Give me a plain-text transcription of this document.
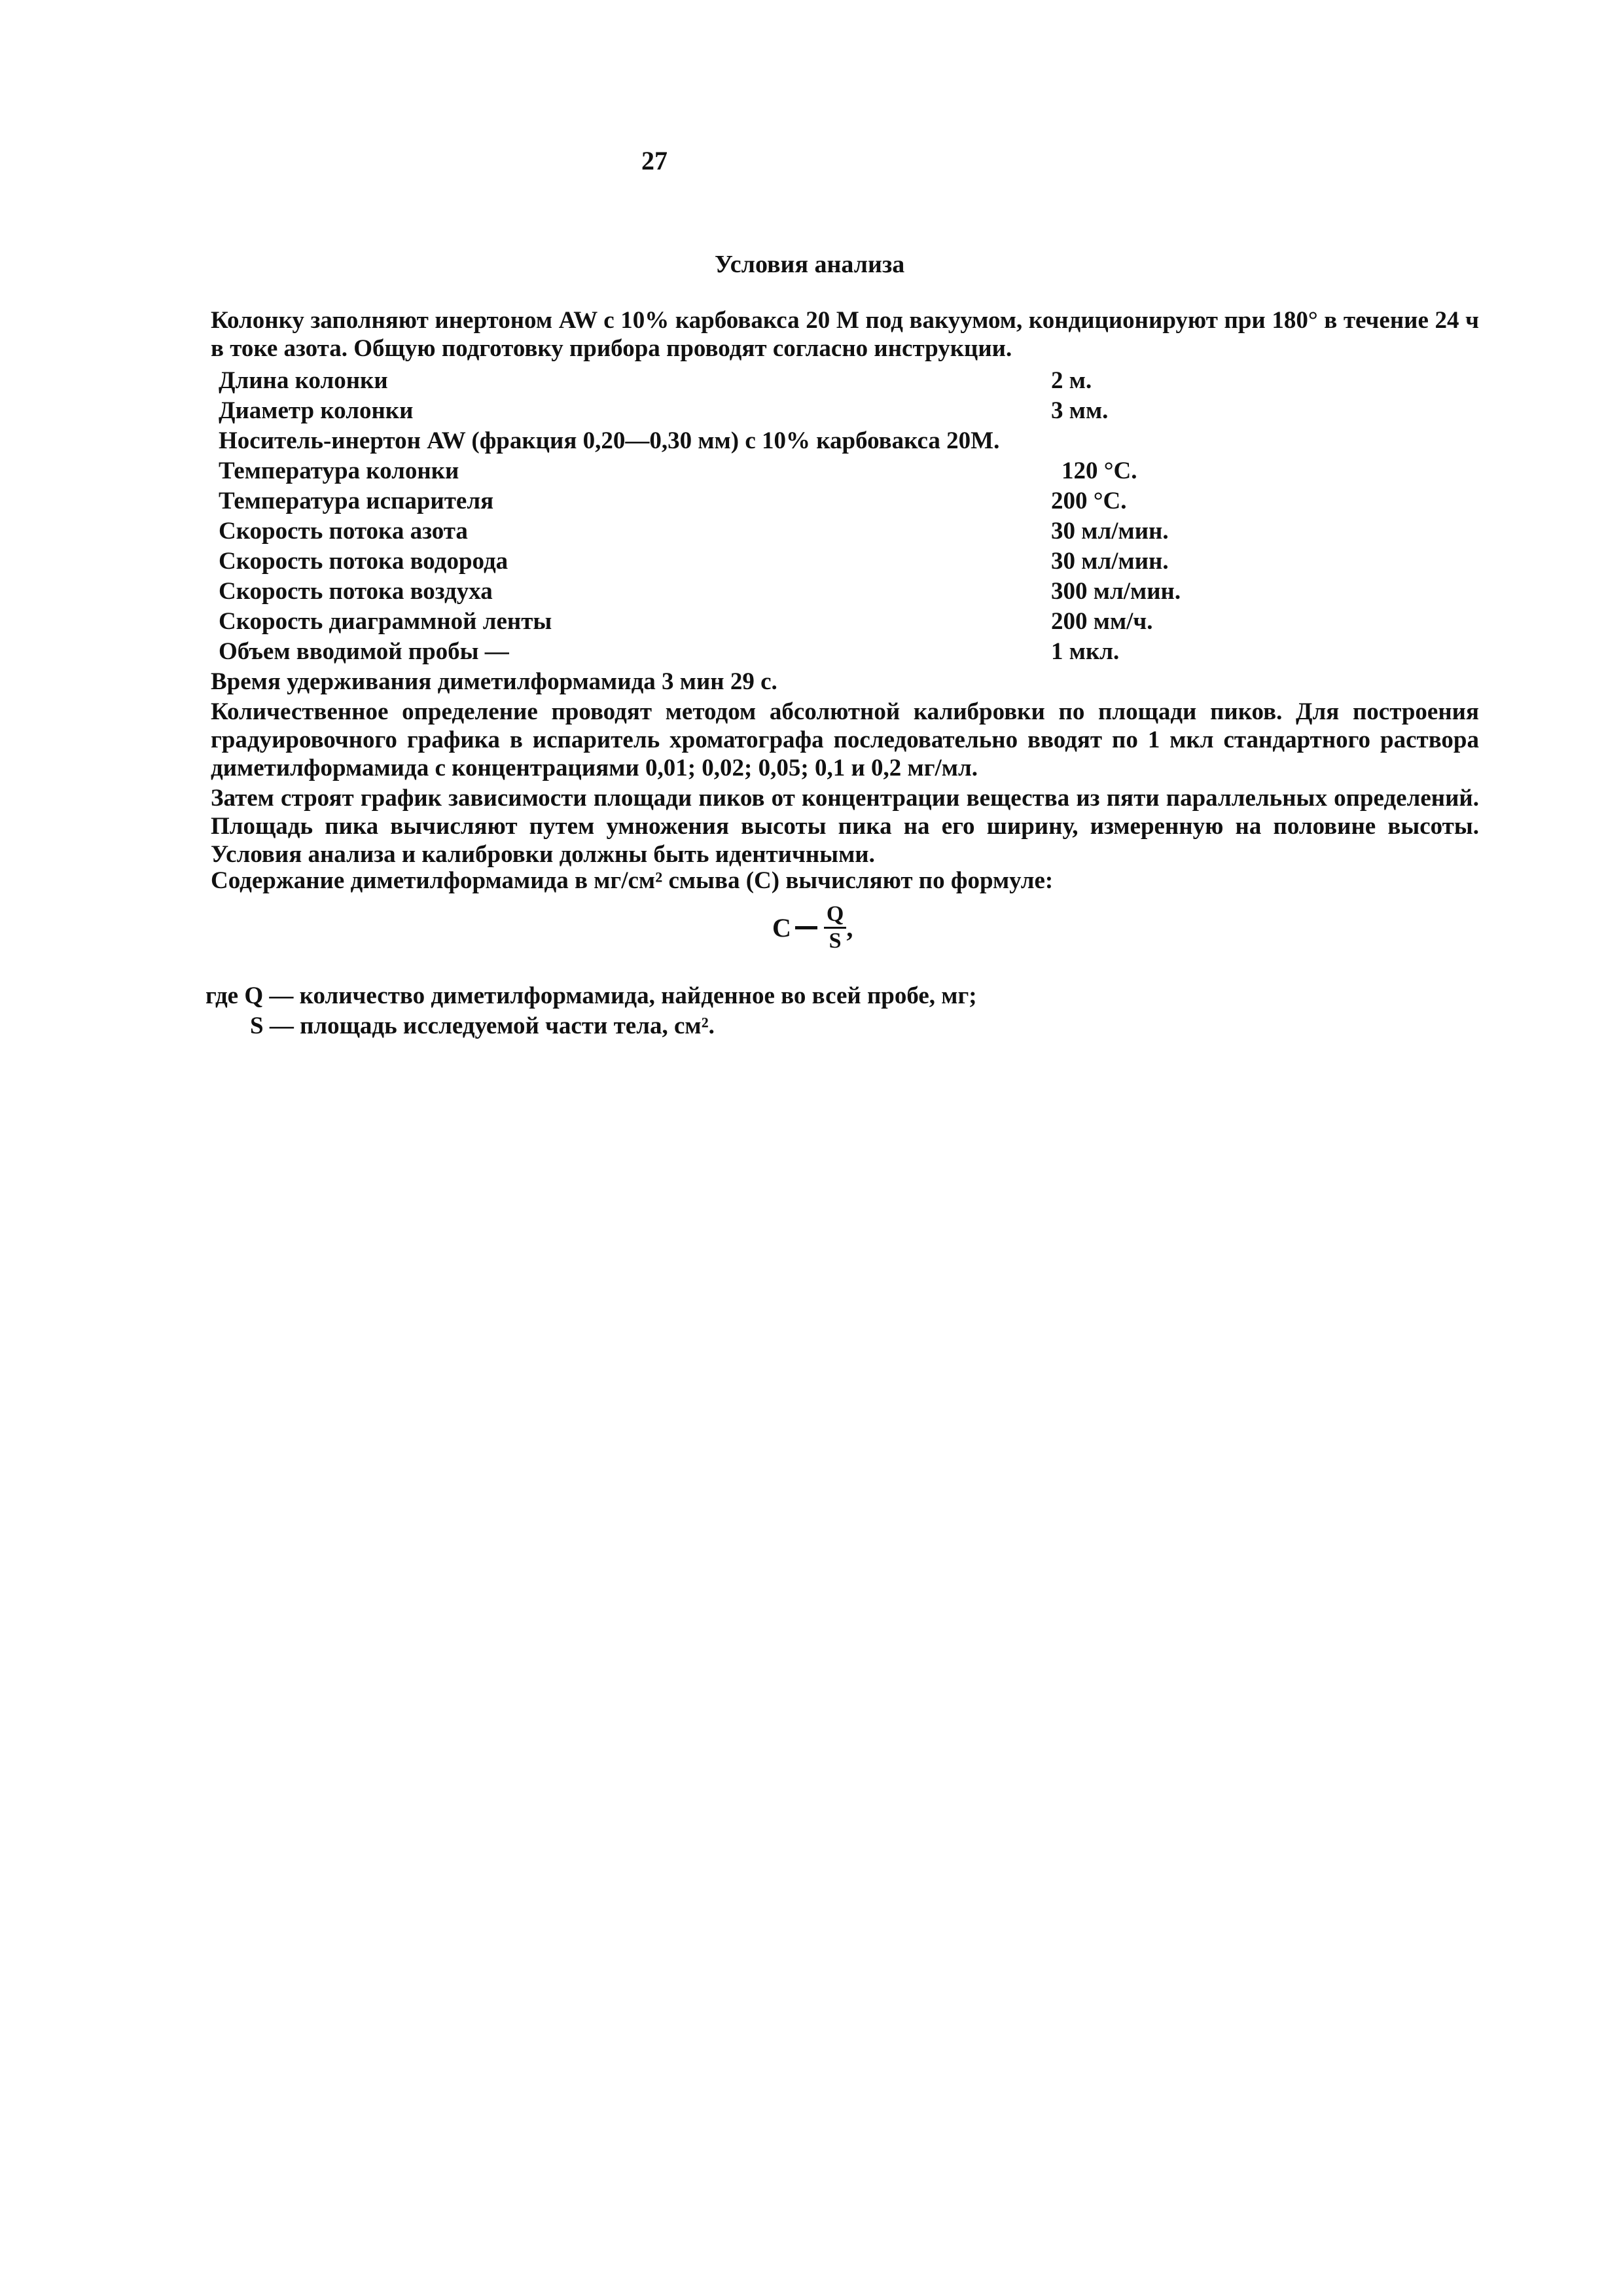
27
Условия анализа
Колонку заполняют инертоном AW с 10% карбовакса 20 М под вакуумом, кондиционируют при 180° в течение 24 ч в токе азота. Общую подготовку прибора проводят согласно инструкции.
Длина колонки	2 м.
Диаметр колонки	3 мм.
Носитель-инертон AW (фракция 0,20—0,30 мм) с 10% карбовакса 20М.
Температура колонки	120 °С.
Температура испарителя	200 °С.
Скорость потока азота	30 мл/мин.
Скорость потока водорода	30 мл/мин.
Скорость потока воздуха	300 мл/мин.
Скорость диаграммной ленты	200 мм/ч.
Объем вводимой пробы —	1 мкл.
Время удерживания диметилформамида 3 мин 29 с.
Количественное определение проводят методом абсолютной калибровки по площади пиков. Для построения градуировочного графика в испаритель хроматографа последовательно вводят по 1 мкл стандартного раствора диметилформамида с концентрациями 0,01; 0,02; 0,05; 0,1 и 0,2 мг/мл.
Затем строят график зависимости площади пиков от концентрации вещества из пяти параллельных определений. Площадь пика вычисляют путем умножения высоты пика на его ширину, измеренную на половине высоты. Условия анализа и калибровки должны быть идентичными.
Содержание диметилформамида в мг/см² смыва (С) вычисляют по формуле:
С $\frac{Q}{S}$ ,
где Q — количество диметилформамида, найденное во всей пробе, мг;
S — площадь исследуемой части тела, см².
